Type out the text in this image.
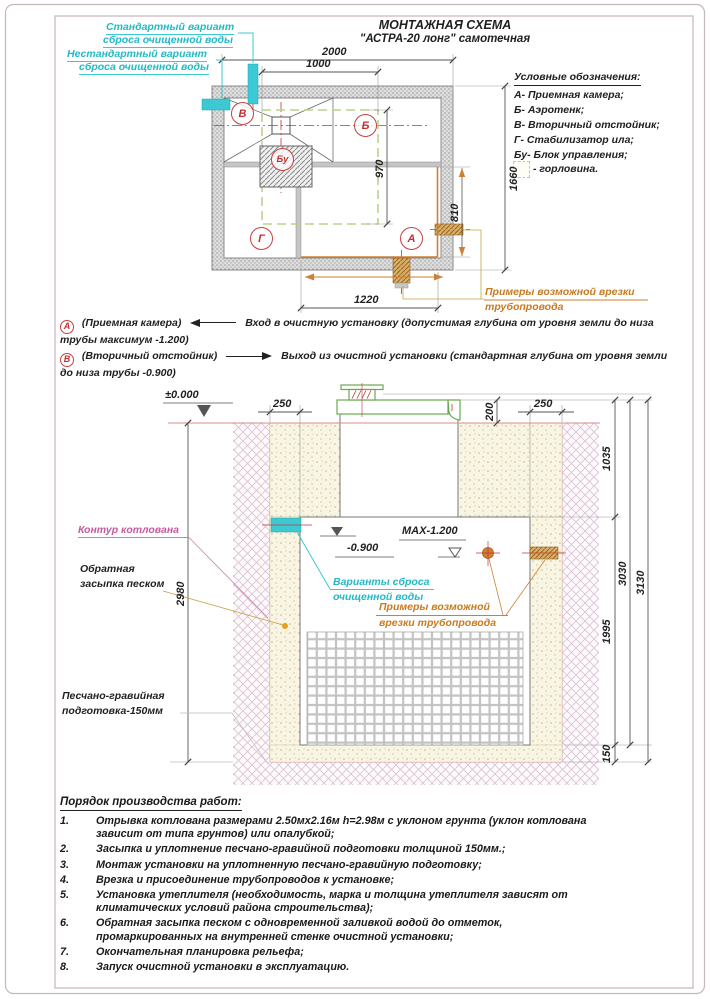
МОНТАЖНАЯ СХЕМА
"АСТРА-20 лонг" самотечная
Стандартный вариант
сброса очищенной воды
Нестандартный вариант
сброса очищенной воды
Условные обозначения:
А- Приемная камера;
Б- Аэротенк;
В- Вторичный отстойник;
Г- Стабилизатор ила;
Бу- Блок управления;
- горловина.
В
Б
Бу
Г	А
2000
1000
970	1660
810
1220
Примеры возможной врезки
трубопровода
А (Приемная камера)	Вход в очистную установку (допустимая глубина от уровня земли до низа трубы максимум -1.200)
В (Вторичный отстойник)	Выход из очистной установки (стандартная глубина от уровня земли до низа трубы -0.900)
±0.000
250	250
200
2980
1035
1995
150
3030 3130
-0.900
MAX-1.200
Контур котлована
Обратная
засыпка песком	Варианты сброса
очищенной воды
Примеры возможной
врезки трубопровода
Песчано-гравийная
подготовка-150мм
Порядок производства работ:
1.	Отрывка котлована размерами 2.50мх2.16м h=2.98м с уклоном грунта (уклон котлована зависит от типа грунтов) или опалубкой;
2.	Засыпка и уплотнение песчано-гравийной подготовки толщиной 150мм.;
3.	Монтаж установки на уплотненную песчано-гравийную подготовку;
4.	Врезка и присоединение трубопроводов к установке;
5.	Установка утеплителя (необходимость, марка и толщина утеплителя зависят от климатических условий района строительства);
6.	Обратная засыпка песком с одновременной заливкой водой до отметок, промаркированных на внутренней стенке очистной установки;
7.	Окончательная планировка рельефа;
8.	Запуск очистной установки в эксплуатацию.
